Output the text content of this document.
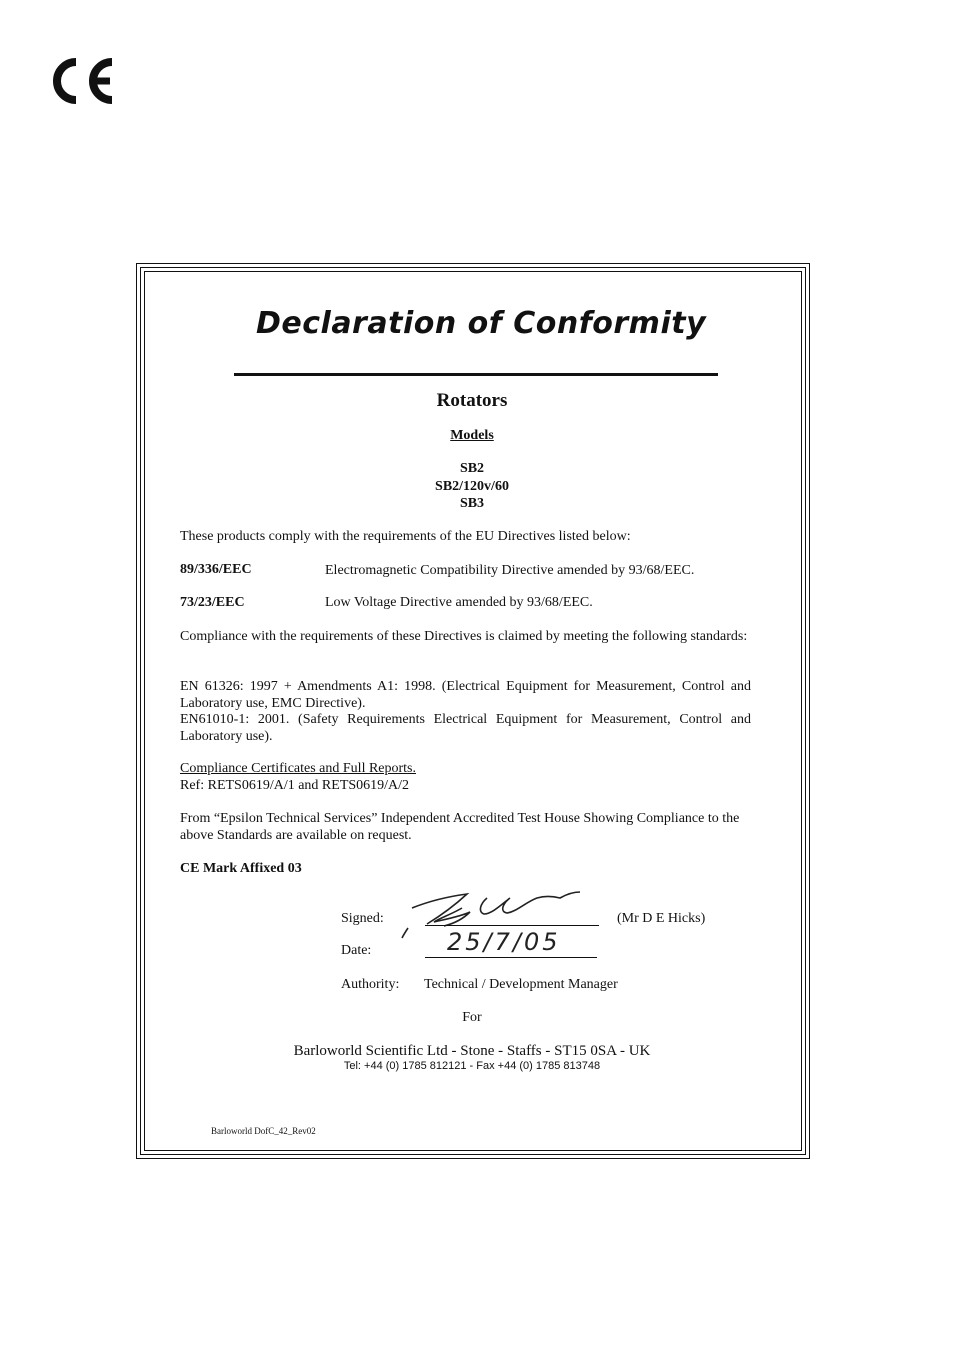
Declaration of Conformity
Rotators
Models
SB2
SB2/120v/60
SB3
These products comply with the requirements of the EU Directives listed below:
89/336/EEC	Electromagnetic Compatibility Directive amended by 93/68/EEC.
73/23/EEC	Low Voltage Directive amended by 93/68/EEC.
Compliance with the requirements of these Directives is claimed by meeting the following standards:
EN 61326: 1997 + Amendments A1: 1998. (Electrical Equipment for Measurement, Control and Laboratory use, EMC Directive).
EN61010-1: 2001. (Safety Requirements Electrical Equipment for Measurement, Control and Laboratory use).
Compliance Certificates and Full Reports.
Ref: RETS0619/A/1 and RETS0619/A/2
From “Epsilon Technical Services” Independent Accredited Test House Showing Compliance to the above Standards are available on request.
CE Mark Affixed 03
Signed:	(Mr D E Hicks)
Date:	25/7/05
Authority: Technical / Development Manager
For
Barloworld Scientific Ltd - Stone - Staffs - ST15 0SA - UK
Tel: +44 (0) 1785 812121 - Fax +44 (0) 1785 813748
Barloworld DofC_42_Rev02
